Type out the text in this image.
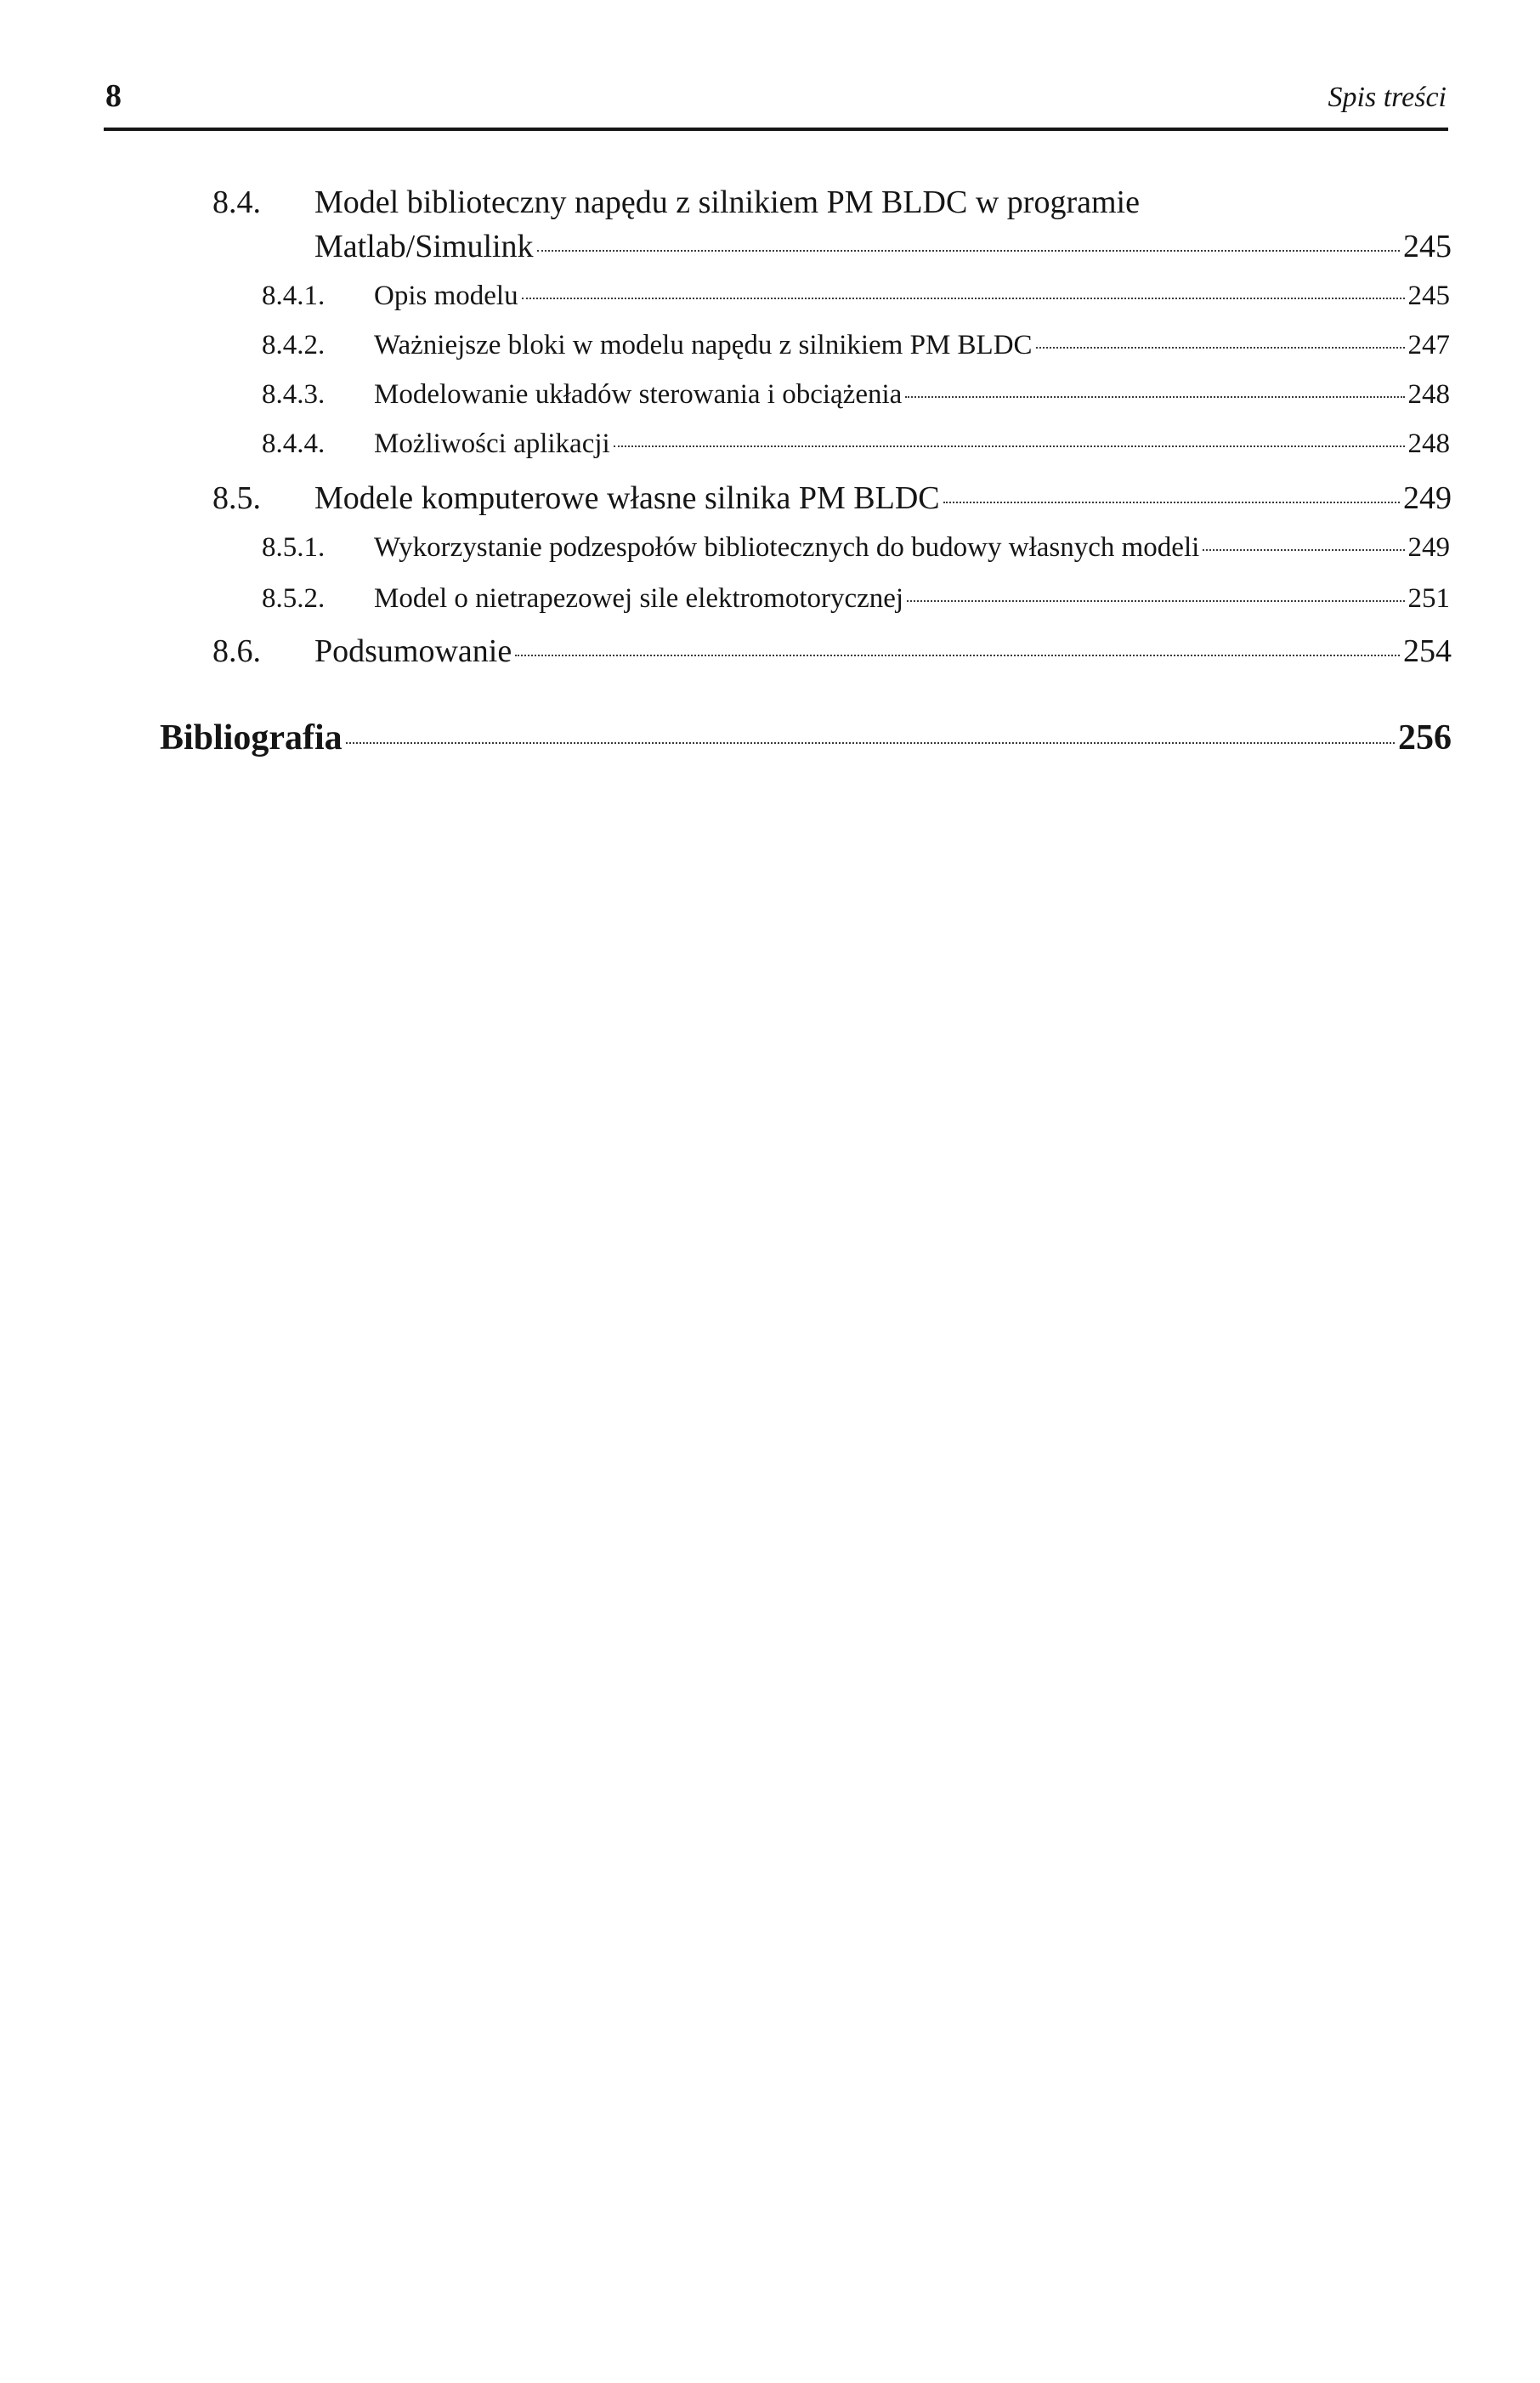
8	Spis treści
8.4. Model biblioteczny napędu z silnikiem PM BLDC w programie
Matlab/Simulink	245
8.4.1.	Opis modelu	245
8.4.2.	Ważniejsze bloki w modelu napędu z silnikiem PM BLDC	247
8.4.3.	Modelowanie układów sterowania i obciążenia	248
8.4.4.	Możliwości aplikacji	248
8.5.	Modele komputerowe własne silnika PM BLDC	249
8.5.1.	Wykorzystanie podzespołów bibliotecznych do budowy własnych modeli	249
8.5.2.	Model o nietrapezowej sile elektromotorycznej	251
8.6.	Podsumowanie	254
Bibliografia	256
